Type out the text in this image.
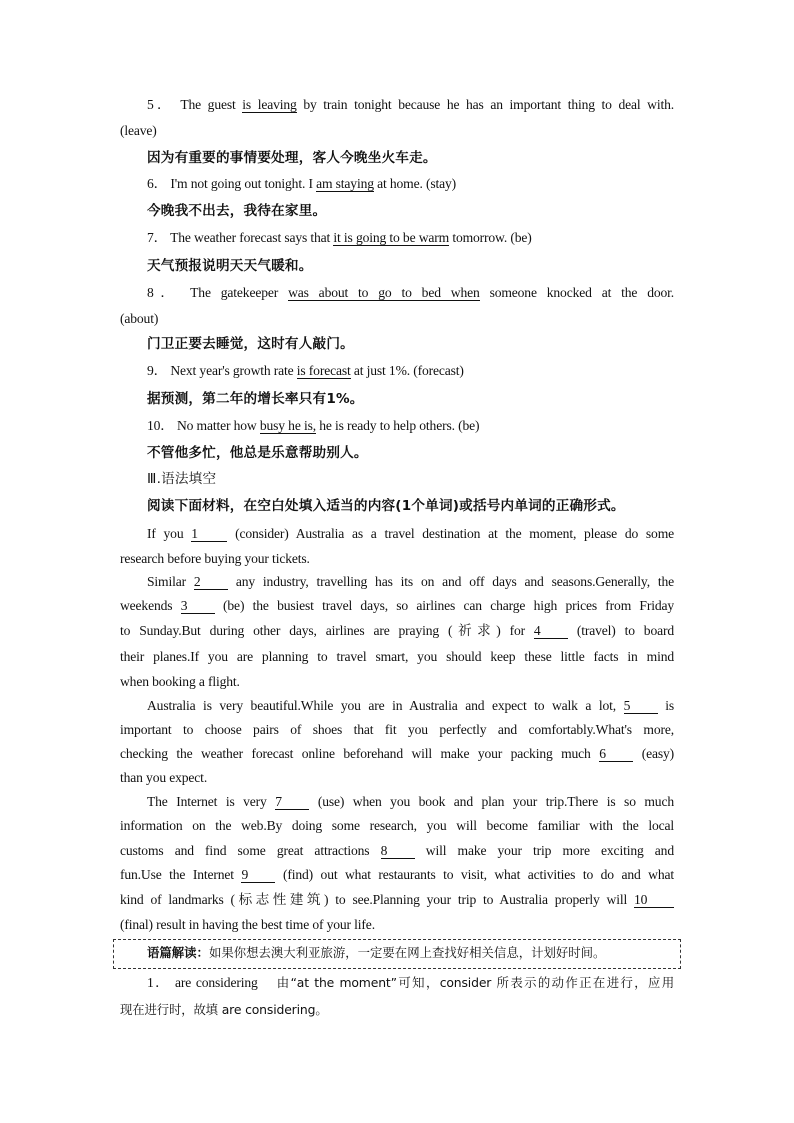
5． The guest is leaving by train tonight because he has an important thing to deal with.
(leave)
因为有重要的事情要处理，客人今晚坐火车走。
6． I'm not going out tonight. I am staying at home. (stay)
今晚我不出去，我待在家里。
7． The weather forecast says that it is going to be warm tomorrow. (be)
天气预报说明天天气暖和。
8． The gatekeeper was about to go to bed when someone knocked at the door.
(about)
门卫正要去睡觉，这时有人敲门。
9． Next year's growth rate is forecast at just 1%. (forecast)
据预测，第二年的增长率只有1%。
10． No matter how busy he is, he is ready to help others. (be)
不管他多忙，他总是乐意帮助别人。
Ⅲ.语法填空
阅读下面材料，在空白处填入适当的内容(1个单词)或括号内单词的正确形式。
If you 1	(consider) Australia as a travel destination at the moment, please do some
research before buying your tickets.
Similar 2	any industry, travelling has its on and off days and seasons.Generally, the
weekends 3	(be) the busiest travel days, so airlines can charge high prices from Friday
to Sunday.But during other days, airlines are praying (祈求) for 4	(travel) to board
their planes.If you are planning to travel smart, you should keep these little facts in mind
when booking a flight.
Australia is very beautiful.While you are in Australia and expect to walk a lot, 5	is
important to choose pairs of shoes that fit you perfectly and comfortably.What's more,
checking the weather forecast online beforehand will make your packing much 6	(easy)
than you expect.
The Internet is very 7	(use) when you book and plan your trip.There is so much
information on the web.By doing some research, you will become familiar with the local
customs and find some great attractions 8	will make your trip more exciting and
fun.Use the Internet 9	(find) out what restaurants to visit, what activities to do and what
kind of landmarks (标志性建筑) to see.Planning your trip to Australia properly will 10
(final) result in having the best time of your life.
语篇解读：如果你想去澳大利亚旅游，一定要在网上查找好相关信息，计划好时间。
1． are considering 由“at the moment”可知，consider 所表示的动作正在进行，应用
现在进行时，故填 are considering。
